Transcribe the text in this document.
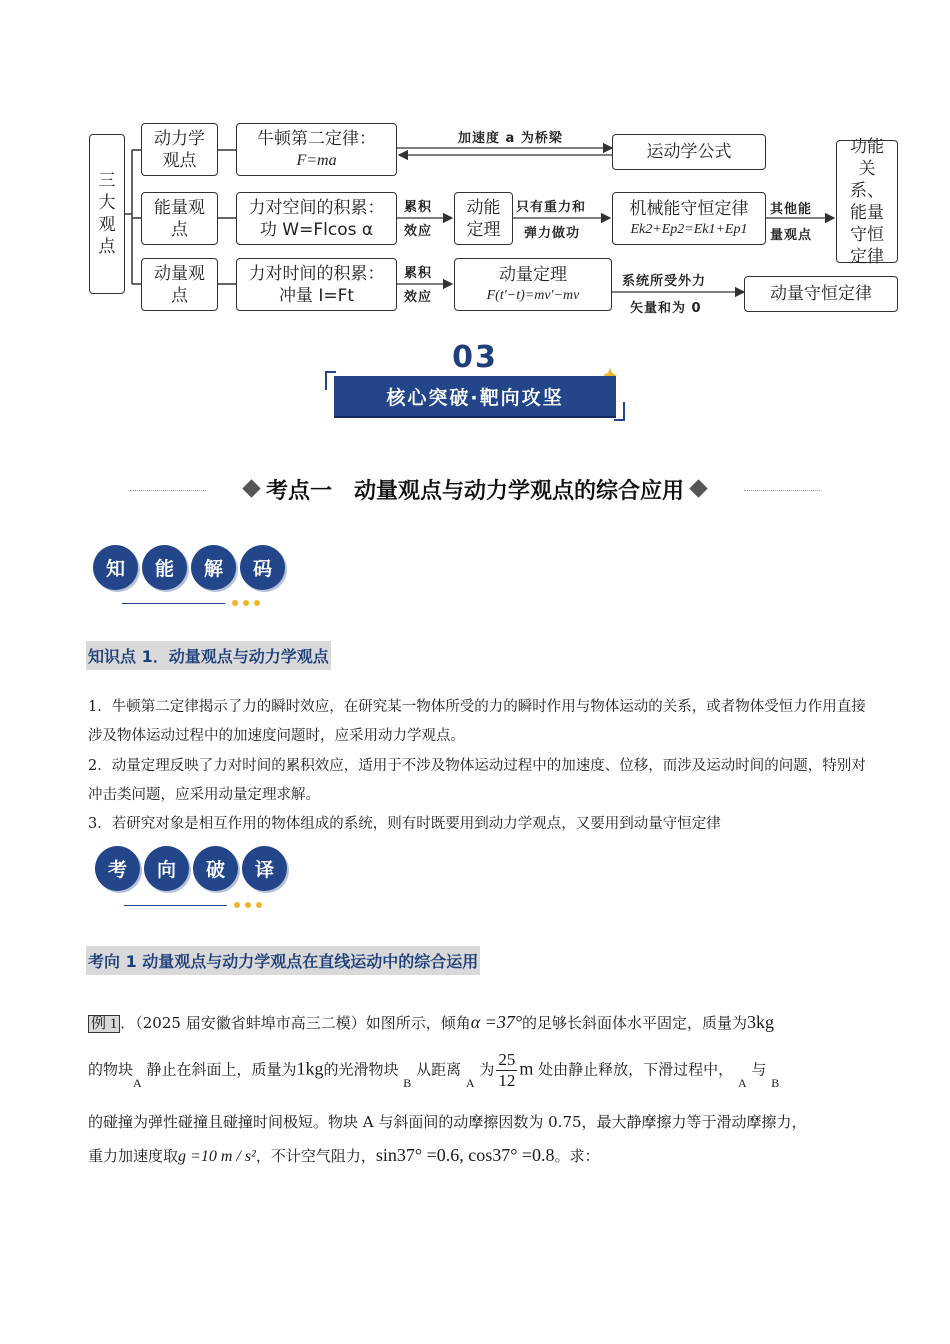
三大观点
动力学观点
牛顿第二定律：
F=ma
加速度 a 为桥梁
运动学公式
能量观点
力对空间的积累：
功 W=Flcos α
累积效应
动能定理
只有重力和
弹力做功
机械能守恒定律
Ek2+Ep2=Ek1+Ep1
其他能
量观点
功能关系、能量守恒定律
动量观点
力对时间的积累：
冲量 I=Ft
累积效应
动量定理
F(t′−t)=mv′−mv
系统所受外力
矢量和为 0
动量守恒定律
03
核心突破·靶向攻坚
考点一　动量观点与动力学观点的综合应用
知	能	解	码
知识点 1．动量观点与动力学观点
1．牛顿第二定律揭示了力的瞬时效应，在研究某一物体所受的力的瞬时作用与物体运动的关系，或者物体受恒力作用直接涉及物体运动过程中的加速度问题时，应采用动力学观点。
2．动量定理反映了力对时间的累积效应，适用于不涉及物体运动过程中的加速度、位移，而涉及运动时间的问题，特别对冲击类问题，应采用动量定理求解。
3．若研究对象是相互作用的物体组成的系统，则有时既要用到动力学观点，又要用到动量守恒定律
考	向	破	译
考向 1 动量观点与动力学观点在直线运动中的综合运用
例 1 ．（2025 届安徽省蚌埠市高三二模）如图所示，倾角α =37°的足够长斜面体水平固定，质量为3kg
的物块$_A$ 静止在斜面上，质量为1kg的光滑物块 $_B$ 从距离 $_A$ 为 $\frac{25}{12}$ m 处由静止释放，下滑过程中， $_A$ 与 $_B$
的碰撞为弹性碰撞且碰撞时间极短。物块 A 与斜面间的动摩擦因数为 0.75，最大静摩擦力等于滑动摩擦力，
重力加速度取g =10 m / s²，不计空气阻力，sin37° =0.6, cos37° =0.8。求：
